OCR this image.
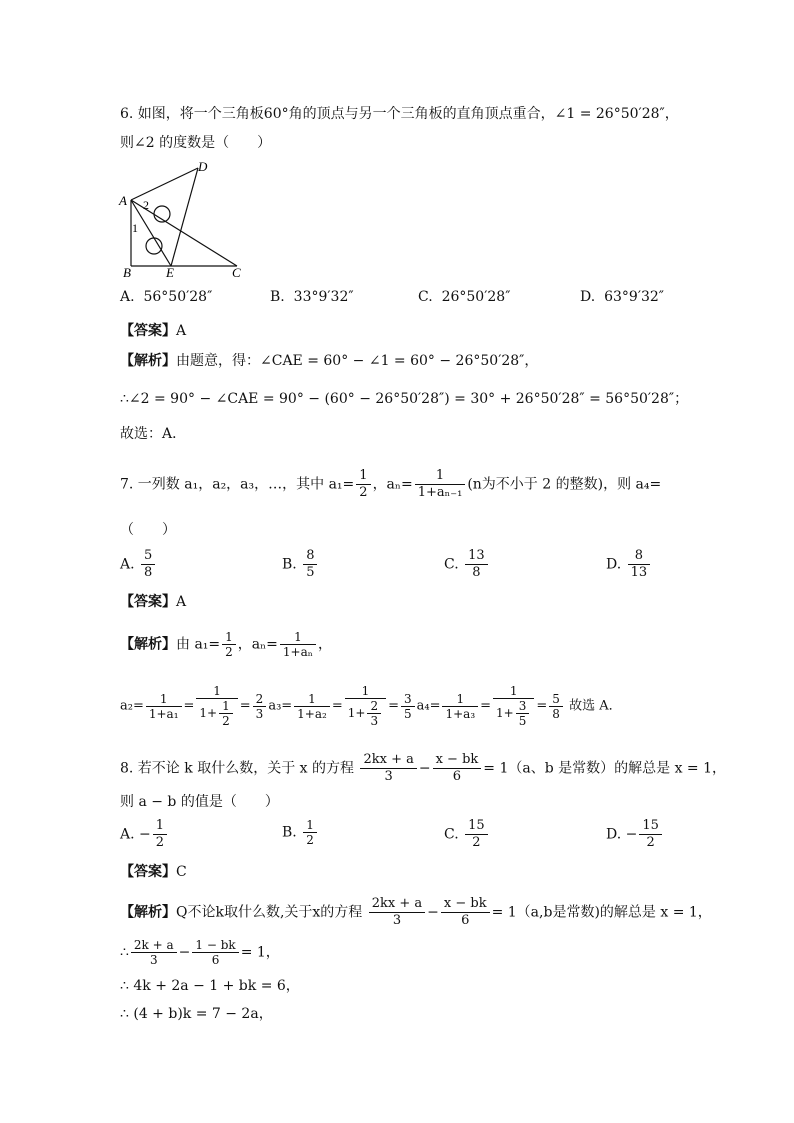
6. 如图，将一个三角板60°角的顶点与另一个三角板的直角顶点重合，∠1 = 26°50′28″，
则∠2 的度数是（　　）
A
B	C
D
E
1
2
A. 56°50′28″	B. 33°9′32″	C. 26°50′28″	D. 63°9′32″
【答案】A
【解析】由题意，得：∠CAE = 60° − ∠1 = 60° − 26°50′28″，
∴∠2 = 90° − ∠CAE = 90° − (60° − 26°50′28″) = 30° + 26°50′28″ = 56°50′28″；
故选：A．
7. 一列数 a₁，a₂，a₃，…，其中 $a_1= \frac{1}{2}$ ，$a_n= \frac{1}{\text{1+aₙ₋₁}} (n$为不小于 2 的整数)，则 a₄=
（　　）
A. $\frac{5}{8}$	B. $\frac{8}{5}$	C. $\frac{13}{8}$	D. $\frac{8}{13}$
【答案】A
【解析】由 $a_1= \frac{1}{2}$ ，$a_n= \frac{1}{\text{1+aₙ}}$ ，
$a_2= \frac{1}{\text{1+a₁}} = \frac{1}{1+ \frac{1}{2}} = \frac{2}{3} a_3= \frac{1}{\text{1+a₂}} = \frac{1}{1+ \frac{2}{3}} = \frac{3}{5} a_4= \frac{1}{\text{1+a₃}} = \frac{1}{1+ \frac{3}{5}} = \frac{5}{8}$ 故选 A．
8. 若不论 k 取什么数，关于 x 的方程 $\frac{2kx + a}{3} - \frac{x - bk}{6} = 1(a$、b 是常数）的解总是 x = 1，
则 a − b 的值是（　　）
A. − $\frac{1}{2}$	B. $\frac{1}{2}$	C. $\frac{15}{2}$	D. − $\frac{15}{2}$
【答案】C
【解析】Q不论k取什么数,关于x的方程 $\frac{2kx + a}{3} - \frac{x - bk}{6} = 1(a,b$是常数)的解总是 x = 1，
∴ $\frac{2k + a}{3} - \frac{1 - bk}{6} = 1$，
∴ 4k + 2a − 1 + bk = 6，
∴ (4 + b)k = 7 − 2a，
